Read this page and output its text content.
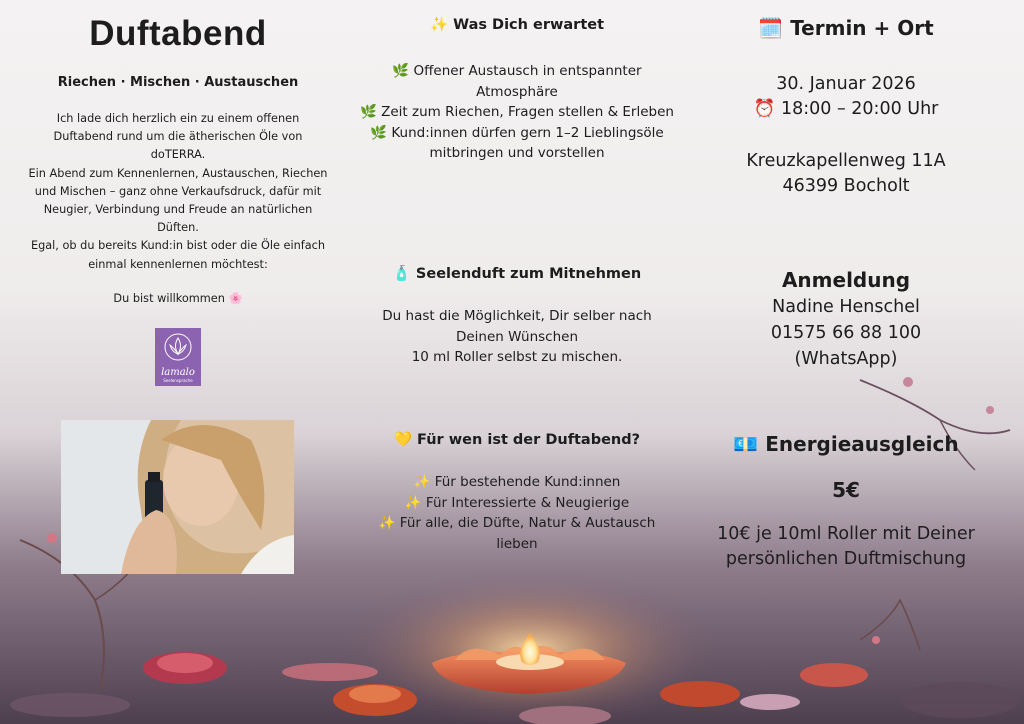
Duftabend
Riechen · Mischen · Austauschen
Ich lade dich herzlich ein zu einem offenen
Duftabend rund um die ätherischen Öle von
doTERRA.
Ein Abend zum Kennenlernen, Austauschen, Riechen
und Mischen – ganz ohne Verkaufsdruck, dafür mit
Neugier, Verbindung und Freude an natürlichen
Düften.
Egal, ob du bereits Kund:in bist oder die Öle einfach
einmal kennenlernen möchtest:
Du bist willkommen 🌸
lamalo
Seelensprache
✨ Was Dich erwartet
🌿 Offener Austausch in entspannter
Atmosphäre
🌿 Zeit zum Riechen, Fragen stellen & Erleben
🌿 Kund:innen dürfen gern 1–2 Lieblingsöle
mitbringen und vorstellen
🧴 Seelenduft zum Mitnehmen
Du hast die Möglichkeit, Dir selber nach
Deinen Wünschen
10 ml Roller selbst zu mischen.
💛 Für wen ist der Duftabend?
✨ Für bestehende Kund:innen
✨ Für Interessierte & Neugierige
✨ Für alle, die Düfte, Natur & Austausch
lieben
🗓️ Termin + Ort
30. Januar 2026
⏰ 18:00 – 20:00 Uhr
Kreuzkapellenweg 11A
46399 Bocholt
Anmeldung
Nadine Henschel
01575 66 88 100
(WhatsApp)
💶 Energieausgleich
5€
10€ je 10ml Roller mit Deiner
persönlichen Duftmischung
